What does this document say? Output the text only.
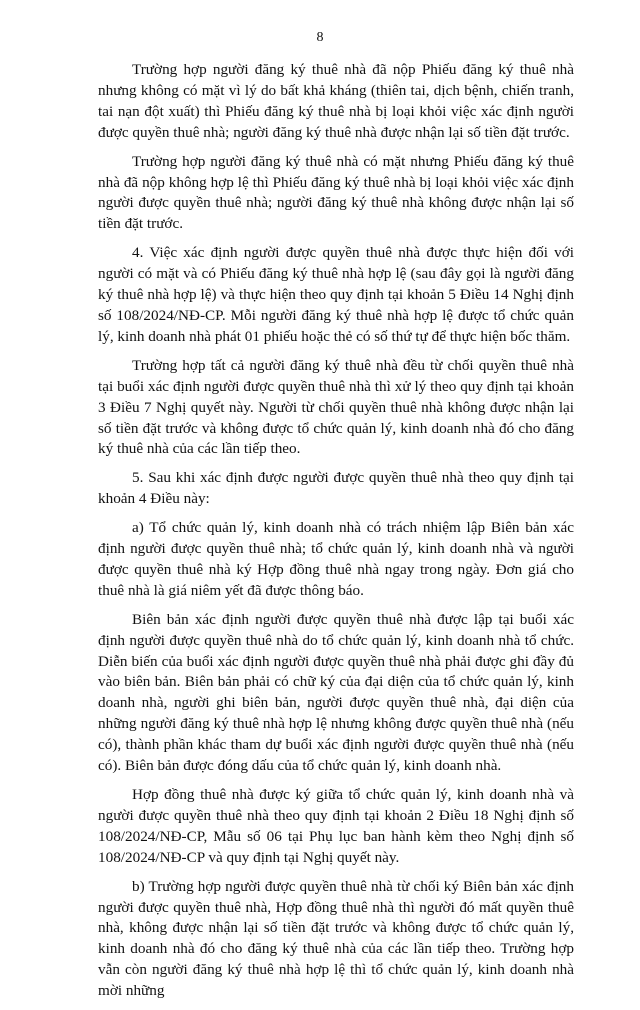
8

Trường hợp người đăng ký thuê nhà đã nộp Phiếu đăng ký thuê nhà nhưng không có mặt vì lý do bất khả kháng (thiên tai, dịch bệnh, chiến tranh, tai nạn đột xuất) thì Phiếu đăng ký thuê nhà bị loại khỏi việc xác định người được quyền thuê nhà; người đăng ký thuê nhà được nhận lại số tiền đặt trước.

Trường hợp người đăng ký thuê nhà có mặt nhưng Phiếu đăng ký thuê nhà đã nộp không hợp lệ thì Phiếu đăng ký thuê nhà bị loại khỏi việc xác định người được quyền thuê nhà; người đăng ký thuê nhà không được nhận lại số tiền đặt trước.

4. Việc xác định người được quyền thuê nhà được thực hiện đối với người có mặt và có Phiếu đăng ký thuê nhà hợp lệ (sau đây gọi là người đăng ký thuê nhà hợp lệ) và thực hiện theo quy định tại khoản 5 Điều 14 Nghị định số 108/2024/NĐ-CP. Mỗi người đăng ký thuê nhà hợp lệ được tổ chức quản lý, kinh doanh nhà phát 01 phiếu hoặc thẻ có số thứ tự để thực hiện bốc thăm.

Trường hợp tất cả người đăng ký thuê nhà đều từ chối quyền thuê nhà tại buổi xác định người được quyền thuê nhà thì xử lý theo quy định tại khoản 3 Điều 7 Nghị quyết này. Người từ chối quyền thuê nhà không được nhận lại số tiền đặt trước và không được tổ chức quản lý, kinh doanh nhà đó cho đăng ký thuê nhà của các lần tiếp theo.

5. Sau khi xác định được người được quyền thuê nhà theo quy định tại khoản 4 Điều này:

a) Tổ chức quản lý, kinh doanh nhà có trách nhiệm lập Biên bản xác định người được quyền thuê nhà; tổ chức quản lý, kinh doanh nhà và người được quyền thuê nhà ký Hợp đồng thuê nhà ngay trong ngày. Đơn giá cho thuê nhà là giá niêm yết đã được thông báo.

Biên bản xác định người được quyền thuê nhà được lập tại buổi xác định người được quyền thuê nhà do tổ chức quản lý, kinh doanh nhà tổ chức. Diễn biến của buổi xác định người được quyền thuê nhà phải được ghi đầy đủ vào biên bản. Biên bản phải có chữ ký của đại diện của tổ chức quản lý, kinh doanh nhà, người ghi biên bản, người được quyền thuê nhà, đại diện của những người đăng ký thuê nhà hợp lệ nhưng không được quyền thuê nhà (nếu có), thành phần khác tham dự buổi xác định người được quyền thuê nhà (nếu có). Biên bản được đóng dấu của tổ chức quản lý, kinh doanh nhà.

Hợp đồng thuê nhà được ký giữa tổ chức quản lý, kinh doanh nhà và người được quyền thuê nhà theo quy định tại khoản 2 Điều 18 Nghị định số 108/2024/NĐ-CP, Mẫu số 06 tại Phụ lục ban hành kèm theo Nghị định số 108/2024/NĐ-CP và quy định tại Nghị quyết này.

b) Trường hợp người được quyền thuê nhà từ chối ký Biên bản xác định người được quyền thuê nhà, Hợp đồng thuê nhà thì người đó mất quyền thuê nhà, không được nhận lại số tiền đặt trước và không được tổ chức quản lý, kinh doanh nhà đó cho đăng ký thuê nhà của các lần tiếp theo. Trường hợp vẫn còn người đăng ký thuê nhà hợp lệ thì tổ chức quản lý, kinh doanh nhà mời những
